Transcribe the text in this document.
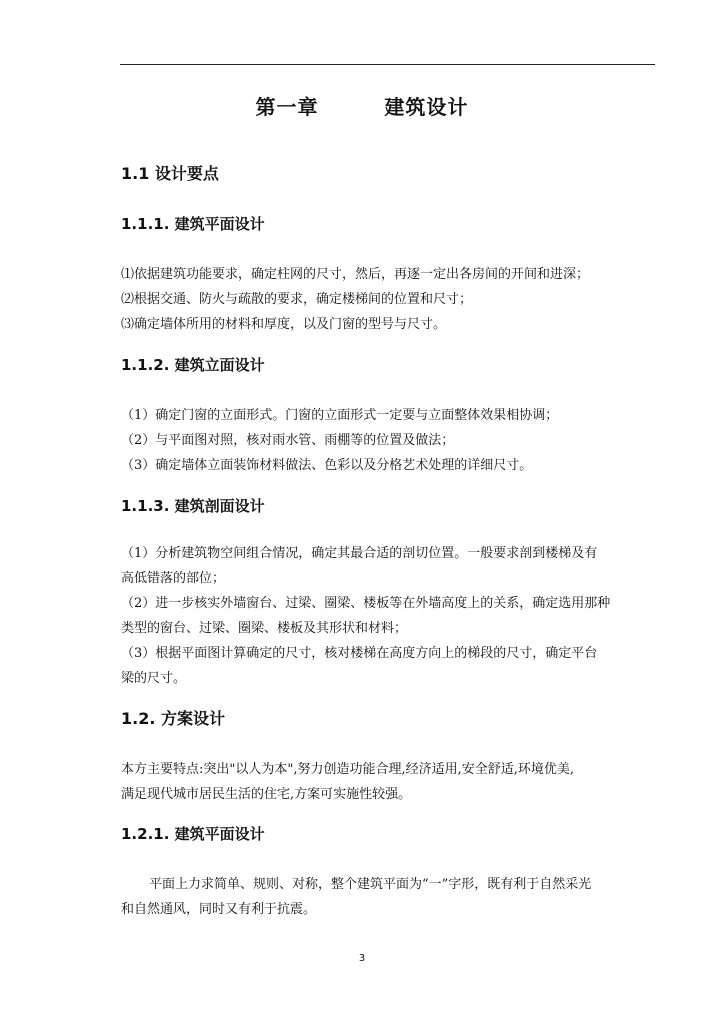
第一章   建筑设计
1.1 设计要点
1.1.1. 建筑平面设计
⑴依据建筑功能要求，确定柱网的尺寸，然后，再逐一定出各房间的开间和进深；
⑵根据交通、防火与疏散的要求，确定楼梯间的位置和尺寸；
⑶确定墙体所用的材料和厚度，以及门窗的型号与尺寸。
1.1.2. 建筑立面设计
（1）确定门窗的立面形式。门窗的立面形式一定要与立面整体效果相协调；
（2）与平面图对照，核对雨水管、雨棚等的位置及做法；
（3）确定墙体立面装饰材料做法、色彩以及分格艺术处理的详细尺寸。
1.1.3. 建筑剖面设计
（1）分析建筑物空间组合情况，确定其最合适的剖切位置。一般要求剖到楼梯及有
高低错落的部位；
（2）进一步核实外墙窗台、过梁、圈梁、楼板等在外墙高度上的关系，确定选用那种
类型的窗台、过梁、圈梁、楼板及其形状和材料；
（3）根据平面图计算确定的尺寸，核对楼梯在高度方向上的梯段的尺寸，确定平台
梁的尺寸。
1.2. 方案设计
本方主要特点:突出"以人为本",努力创造功能合理,经济适用,安全舒适,环境优美,
满足现代城市居民生活的住宅,方案可实施性较强。
1.2.1. 建筑平面设计
平面上力求简单、规则、对称，整个建筑平面为“一”字形，既有利于自然采光
和自然通风，同时又有利于抗震。
3
